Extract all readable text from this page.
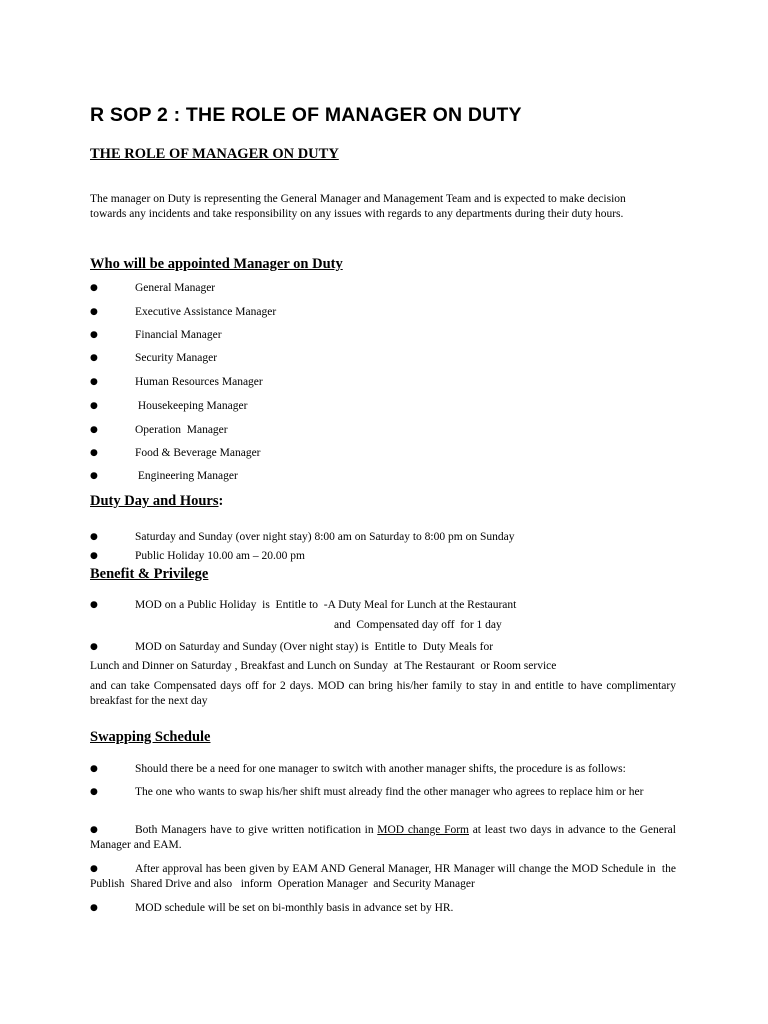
R SOP 2 : THE ROLE OF MANAGER ON DUTY
THE ROLE OF MANAGER ON DUTY
The manager on Duty is representing the General Manager and Management Team and is expected to make decision
towards any incidents and take responsibility on any issues with regards to any departments during their duty hours.
Who will be appointed Manager on Duty
●	General Manager
●	Executive Assistance Manager
●	Financial Manager
●	Security Manager
●	Human Resources Manager
●	Housekeeping Manager
●	Operation  Manager
●	Food & Beverage Manager
●	Engineering Manager
Duty Day and Hours:
●	Saturday and Sunday (over night stay) 8:00 am on Saturday to 8:00 pm on Sunday
●	Public Holiday 10.00 am – 20.00 pm
Benefit & Privilege
●	MOD on a Public Holiday  is  Entitle to  -A Duty Meal for Lunch at the Restaurant
and  Compensated day off  for 1 day
●	MOD on Saturday and Sunday (Over night stay) is  Entitle to  Duty Meals for
Lunch and Dinner on Saturday , Breakfast and Lunch on Sunday  at The Restaurant  or Room service
and can take Compensated days off for 2 days. MOD can bring his/her family to stay in and entitle to have complimentary breakfast for the next day
Swapping Schedule
●	Should there be a need for one manager to switch with another manager shifts, the procedure is as follows:
●	The one who wants to swap his/her shift must already find the other manager who agrees to replace him or her
●	Both Managers have to give written notification in MOD change Form at least two days in advance to the General Manager and EAM.
●	After approval has been given by EAM AND General Manager, HR Manager will change the MOD Schedule in  the Publish  Shared Drive and also   inform  Operation Manager  and Security Manager
●	MOD schedule will be set on bi-monthly basis in advance set by HR.
